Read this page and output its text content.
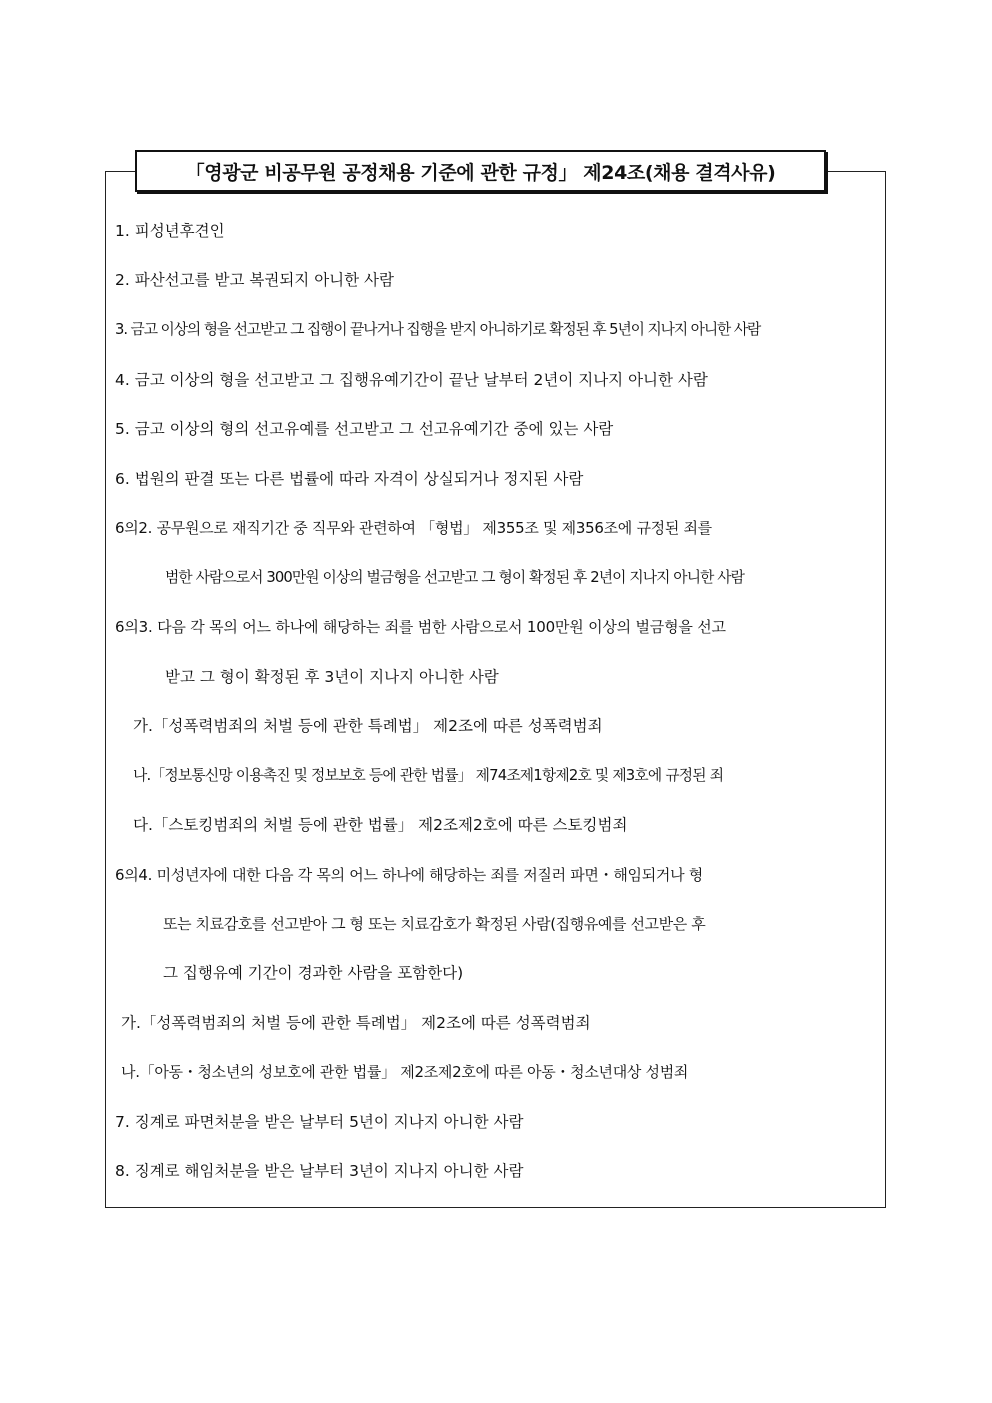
「영광군 비공무원 공정채용 기준에 관한 규정」 제24조(채용 결격사유)
1. 피성년후견인
2. 파산선고를 받고 복권되지 아니한 사람
3. 금고 이상의 형을 선고받고 그 집행이 끝나거나 집행을 받지 아니하기로 확정된 후 5년이 지나지 아니한 사람
4. 금고 이상의 형을 선고받고 그 집행유예기간이 끝난 날부터 2년이 지나지 아니한 사람
5. 금고 이상의 형의 선고유예를 선고받고 그 선고유예기간 중에 있는 사람
6. 법원의 판결 또는 다른 법률에 따라 자격이 상실되거나 정지된 사람
6의2. 공무원으로 재직기간 중 직무와 관련하여 「형법」 제355조 및 제356조에 규정된 죄를
범한 사람으로서 300만원 이상의 벌금형을 선고받고 그 형이 확정된 후 2년이 지나지 아니한 사람
6의3. 다음 각 목의 어느 하나에 해당하는 죄를 범한 사람으로서 100만원 이상의 벌금형을 선고
받고 그 형이 확정된 후 3년이 지나지 아니한 사람
가.「성폭력범죄의 처벌 등에 관한 특례법」 제2조에 따른 성폭력범죄
나.「정보통신망 이용촉진 및 정보보호 등에 관한 법률」 제74조제1항제2호 및 제3호에 규정된 죄
다.「스토킹범죄의 처벌 등에 관한 법률」 제2조제2호에 따른 스토킹범죄
6의4. 미성년자에 대한 다음 각 목의 어느 하나에 해당하는 죄를 저질러 파면・해임되거나 형
또는 치료감호를 선고받아 그 형 또는 치료감호가 확정된 사람(집행유예를 선고받은 후
그 집행유예 기간이 경과한 사람을 포함한다)
가.「성폭력범죄의 처벌 등에 관한 특례법」 제2조에 따른 성폭력범죄
나.「아동・청소년의 성보호에 관한 법률」 제2조제2호에 따른 아동・청소년대상 성범죄
7. 징계로 파면처분을 받은 날부터 5년이 지나지 아니한 사람
8. 징계로 해임처분을 받은 날부터 3년이 지나지 아니한 사람
